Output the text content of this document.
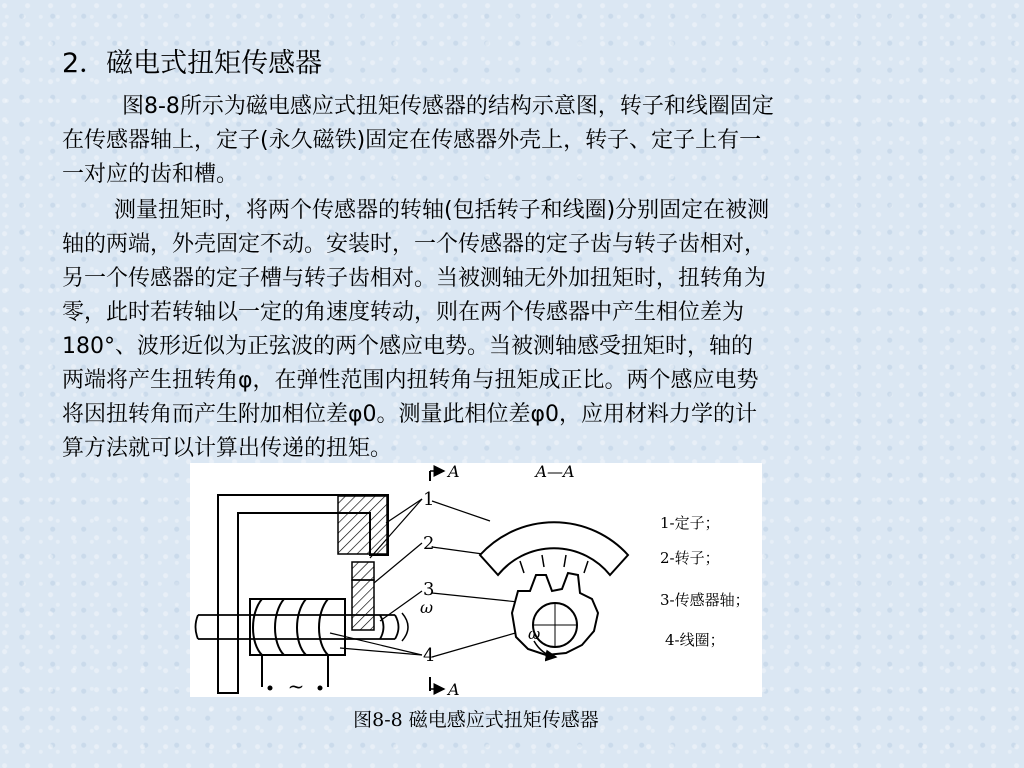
2．磁电式扭矩传感器
图8-8所示为磁电感应式扭矩传感器的结构示意图，转子和线圈固定
在传感器轴上，定子(永久磁铁)固定在传感器外壳上，转子、定子上有一
一对应的齿和槽。
测量扭矩时，将两个传感器的转轴(包括转子和线圈)分别固定在被测
轴的两端，外壳固定不动。安装时，一个传感器的定子齿与转子齿相对，
另一个传感器的定子槽与转子齿相对。当被测轴无外加扭矩时，扭转角为
零，此时若转轴以一定的角速度转动，则在两个传感器中产生相位差为
180°、波形近似为正弦波的两个感应电势。当被测轴感受扭矩时，轴的
两端将产生扭转角φ，在弹性范围内扭转角与扭矩成正比。两个感应电势
将因扭转角而产生附加相位差φ0。测量此相位差φ0，应用材料力学的计
算方法就可以计算出传递的扭矩。
~
A
A
ω
1
2
3
4
A—A
ω
1-定子；
2-转子；
3-传感器轴；
4-线圈；
图8-8 磁电感应式扭矩传感器
